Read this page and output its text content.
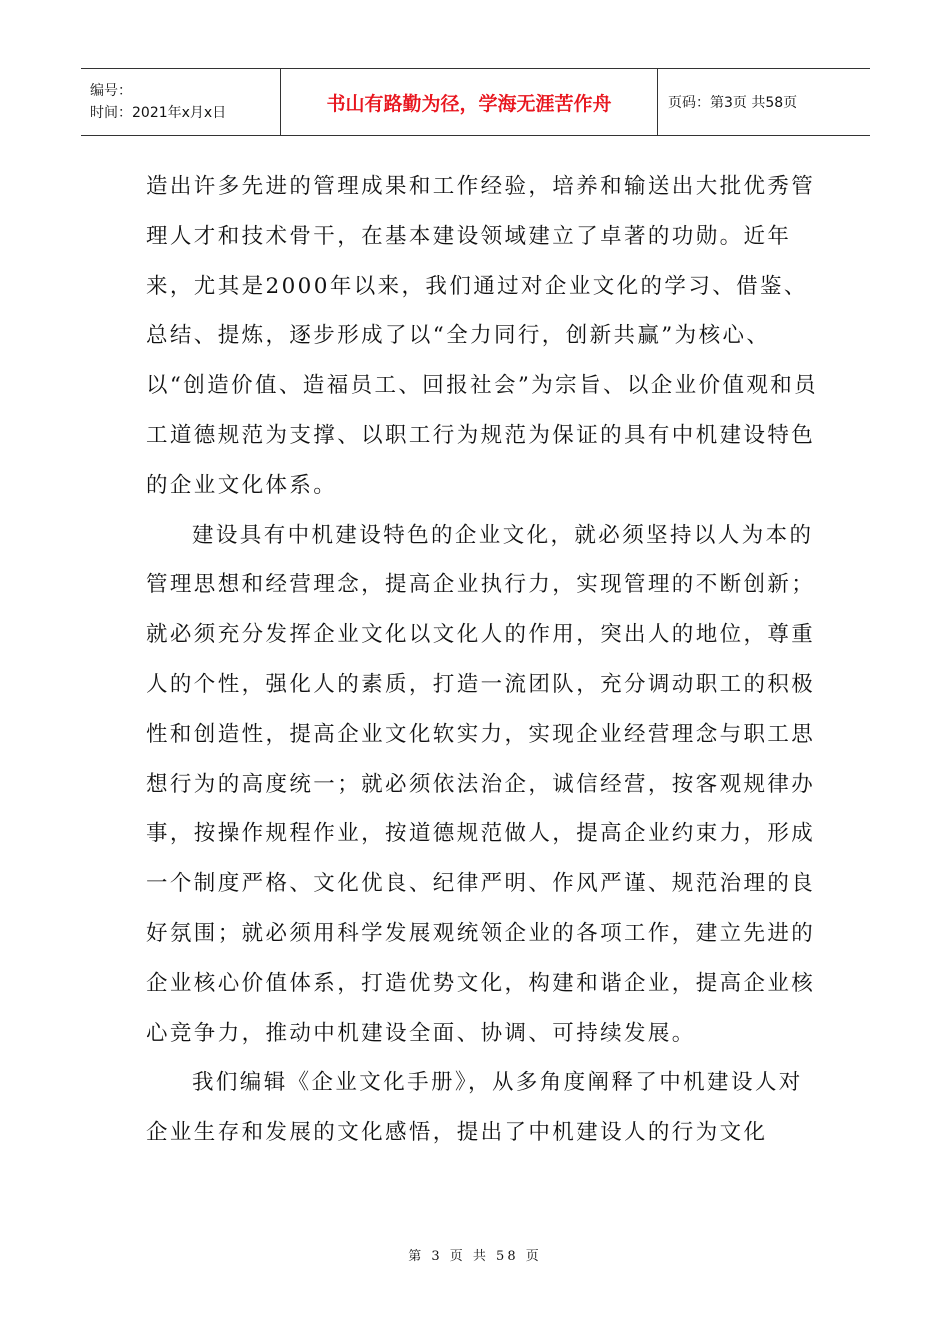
编号：
时间：2021年x月x日	书山有路勤为径，学海无涯苦作舟	页码：第3页 共58页

造出许多先进的管理成果和工作经验，培养和输送出大批优秀管理人才和技术骨干，在基本建设领域建立了卓著的功勋。近年来，尤其是2000年以来，我们通过对企业文化的学习、借鉴、总结、提炼，逐步形成了以“全力同行，创新共赢”为核心、以“创造价值、造福员工、回报社会”为宗旨、以企业价值观和员工道德规范为支撑、以职工行为规范为保证的具有中机建设特色的企业文化体系。

建设具有中机建设特色的企业文化，就必须坚持以人为本的管理思想和经营理念，提高企业执行力，实现管理的不断创新；就必须充分发挥企业文化以文化人的作用，突出人的地位，尊重人的个性，强化人的素质，打造一流团队，充分调动职工的积极性和创造性，提高企业文化软实力，实现企业经营理念与职工思想行为的高度统一；就必须依法治企，诚信经营，按客观规律办事，按操作规程作业，按道德规范做人，提高企业约束力，形成一个制度严格、文化优良、纪律严明、作风严谨、规范治理的良好氛围；就必须用科学发展观统领企业的各项工作，建立先进的企业核心价值体系，打造优势文化，构建和谐企业，提高企业核心竞争力，推动中机建设全面、协调、可持续发展。

我们编辑《企业文化手册》，从多角度阐释了中机建设人对企业生存和发展的文化感悟，提出了中机建设人的行为文化

第 3 页 共 58 页
